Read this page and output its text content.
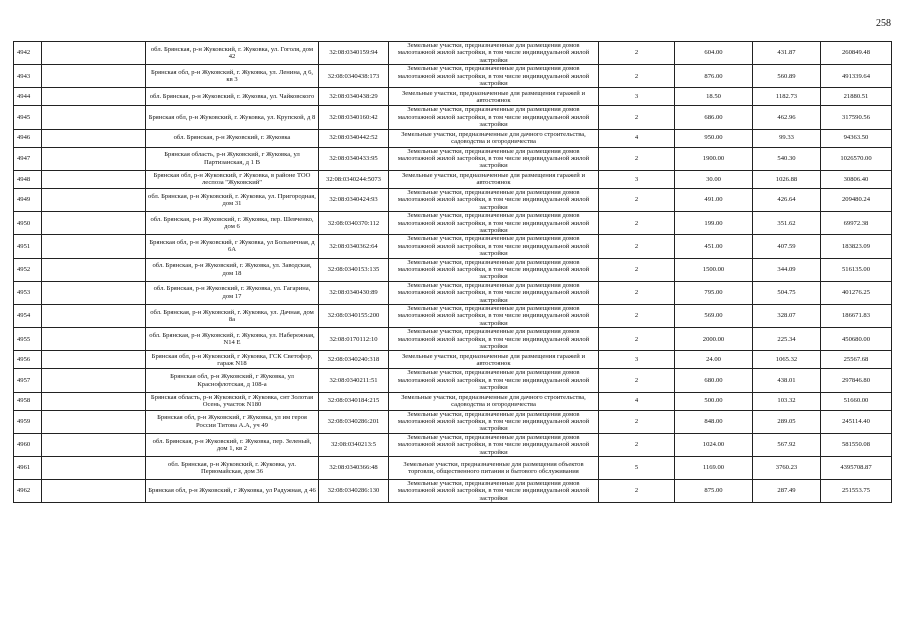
258
4942		обл. Брянская, р-н Жуковский, г. Жуковка, ул. Гоголя, дом 42	32:08:0340159:94	Земельные участки, предназначенные для размещения домов малоэтажной жилой застройки, в том числе индивидуальной жилой застройки	2	604.00	431.87	260849.48
4943		Брянская обл, р-н Жуковский, г. Жуковка, ул. Ленина, д 6, кв 3	32:08:0340438:173	Земельные участки, предназначенные для размещения домов малоэтажной жилой застройки, в том числе индивидуальной жилой застройки	2	876.00	560.89	491339.64
4944		обл. Брянская, р-н Жуковский, г. Жуковка, ул. Чайковского	32:08:0340438:29	Земельные участки, предназначенные для размещения гаражей и автостоянок	3	18.50	1182.73	21880.51
4945		Брянская обл, р-н Жуковский, г. Жуковка, ул. Крупской, д 8	32:08:0340160:42	Земельные участки, предназначенные для размещения домов малоэтажной жилой застройки, в том числе индивидуальной жилой застройки	2	686.00	462.96	317590.56
4946		обл. Брянская, р-н Жуковский, г. Жуковка	32:08:0340442:52	Земельные участки, предназначенные для дачного строительства, садоводства и огородничества	4	950.00	99.33	94363.50
4947		Брянская область, р-н Жуковский, г Жуковка, ул Партизанская, д 1 В	32:08:0340433:95	Земельные участки, предназначенные для размещения домов малоэтажной жилой застройки, в том числе индивидуальной жилой застройки	2	1900.00	540.30	1026570.00
4948		Брянская обл, р-н Жуковский, г Жуковка, в районе ТОО леспоза "Жуковский"	32:08:0340244:5073	Земельные участки, предназначенные для размещения гаражей и автостоянок	3	30.00	1026.88	30806.40
4949		обл. Брянская, р-н Жуковский, г. Жуковка, ул. Пригородная, дом 31	32:08:0340424:93	Земельные участки, предназначенные для размещения домов малоэтажной жилой застройки, в том числе индивидуальной жилой застройки	2	491.00	426.64	209480.24
4950		обл. Брянская, р-н Жуковский, г. Жуковка, пер. Шевченко, дом 6	32:08:0340370:112	Земельные участки, предназначенные для размещения домов малоэтажной жилой застройки, в том числе индивидуальной жилой застройки	2	199.00	351.62	69972.38
4951		Брянская обл, р-н Жуковский, г Жуковка, ул Больничная, д 6А	32:08:0340362:64	Земельные участки, предназначенные для размещения домов малоэтажной жилой застройки, в том числе индивидуальной жилой застройки	2	451.00	407.59	183823.09
4952		обл. Брянская, р-н Жуковский, г. Жуковка, ул. Заводская, дом 18	32:08:0340153:135	Земельные участки, предназначенные для размещения домов малоэтажной жилой застройки, в том числе индивидуальной жилой застройки	2	1500.00	344.09	516135.00
4953		обл. Брянская, р-н Жуковский, г. Жуковка, ул. Гагарина, дом 17	32:08:0340430:89	Земельные участки, предназначенные для размещения домов малоэтажной жилой застройки, в том числе индивидуальной жилой застройки	2	795.00	504.75	401276.25
4954		обл. Брянская, р-н Жуковский, г. Жуковка, ул. Дачная, дом 8а	32:08:0340155:200	Земельные участки, предназначенные для размещения домов малоэтажной жилой застройки, в том числе индивидуальной жилой застройки	2	569.00	328.07	186671.83
4955		обл. Брянская, р-н Жуковский, г. Жуковка, ул. Набережная, N14 Е	32:08:0170112:10	Земельные участки, предназначенные для размещения домов малоэтажной жилой застройки, в том числе индивидуальной жилой застройки	2	2000.00	225.34	450680.00
4956		Брянская обл, р-н Жуковский, г Жуковка, ГСК Светофор, гараж N18	32:08:0340240:318	Земельные участки, предназначенные для размещения гаражей и автостоянок	3	24.00	1065.32	25567.68
4957		Брянская обл, р-н Жуковский, г Жуковка, ул Краснофлотская, д 108-а	32:08:0340211:51	Земельные участки, предназначенные для размещения домов малоэтажной жилой застройки, в том числе индивидуальной жилой застройки	2	680.00	438.01	297846.80
4958		Брянская область, р-н Жуковский, г Жуковка, снт Золотая Осень, участок N180	32:08:0340184:215	Земельные участки, предназначенные для дачного строительства, садоводства и огородничества	4	500.00	103.32	51660.00
4959		Брянская обл, р-н Жуковский, г Жуковка, ул им героя России Титова А.А, уч 49	32:08:0340286:201	Земельные участки, предназначенные для размещения домов малоэтажной жилой застройки, в том числе индивидуальной жилой застройки	2	848.00	289.05	245114.40
4960		обл. Брянская, р-н Жуковский, г. Жуковка, пер. Зеленый, дом 1, кв 2	32:08:0340213:5	Земельные участки, предназначенные для размещения домов малоэтажной жилой застройки, в том числе индивидуальной жилой застройки	2	1024.00	567.92	581550.08
4961		обл. Брянская, р-н Жуковский, г. Жуковка, ул. Первомайская, дом 36	32:08:0340366:48	Земельные участки, предназначенные для размещения объектов торговли, общественного питания и бытового обслуживания	5	1169.00	3760.23	4395708.87
4962		Брянская обл, р-н Жуковский, г Жуковка, ул Радужная, д 46	32:08:0340286:130	Земельные участки, предназначенные для размещения домов малоэтажной жилой застройки, в том числе индивидуальной жилой застройки	2	875.00	287.49	251553.75
